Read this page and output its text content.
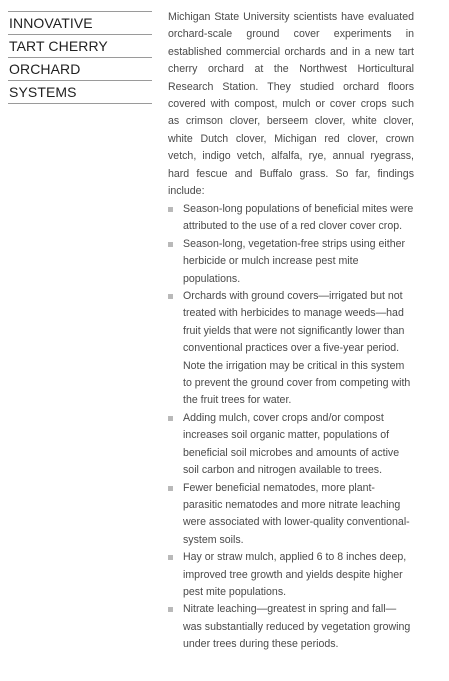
INNOVATIVE
TART CHERRY
ORCHARD
SYSTEMS

Michigan State University scientists have evaluated orchard-scale ground cover experiments in established commercial orchards and in a new tart cherry orchard at the Northwest Horticultural Research Station. They studied orchard floors covered with compost, mulch or cover crops such as crimson clover, berseem clover, white clover, white Dutch clover, Michigan red clover, crown vetch, indigo vetch, alfalfa, rye, annual ryegrass, hard fescue and Buffalo grass. So far, findings include:

Season-long populations of beneficial mites were attributed to the use of a red clover cover crop.
Season-long, vegetation-free strips using either herbicide or mulch increase pest mite populations.
Orchards with ground covers—irrigated but not treated with herbicides to manage weeds—had fruit yields that were not significantly lower than conventional practices over a five-year period. Note the irrigation may be critical in this system to prevent the ground cover from competing with the fruit trees for water.
Adding mulch, cover crops and/or compost increases soil organic matter, populations of beneficial soil microbes and amounts of active soil carbon and nitrogen available to trees.
Fewer beneficial nematodes, more plant-parasitic nematodes and more nitrate leaching were associated with lower-quality conventional-system soils.
Hay or straw mulch, applied 6 to 8 inches deep, improved tree growth and yields despite higher pest mite populations.
Nitrate leaching—greatest in spring and fall—was substantially reduced by vegetation growing under trees during these periods.
